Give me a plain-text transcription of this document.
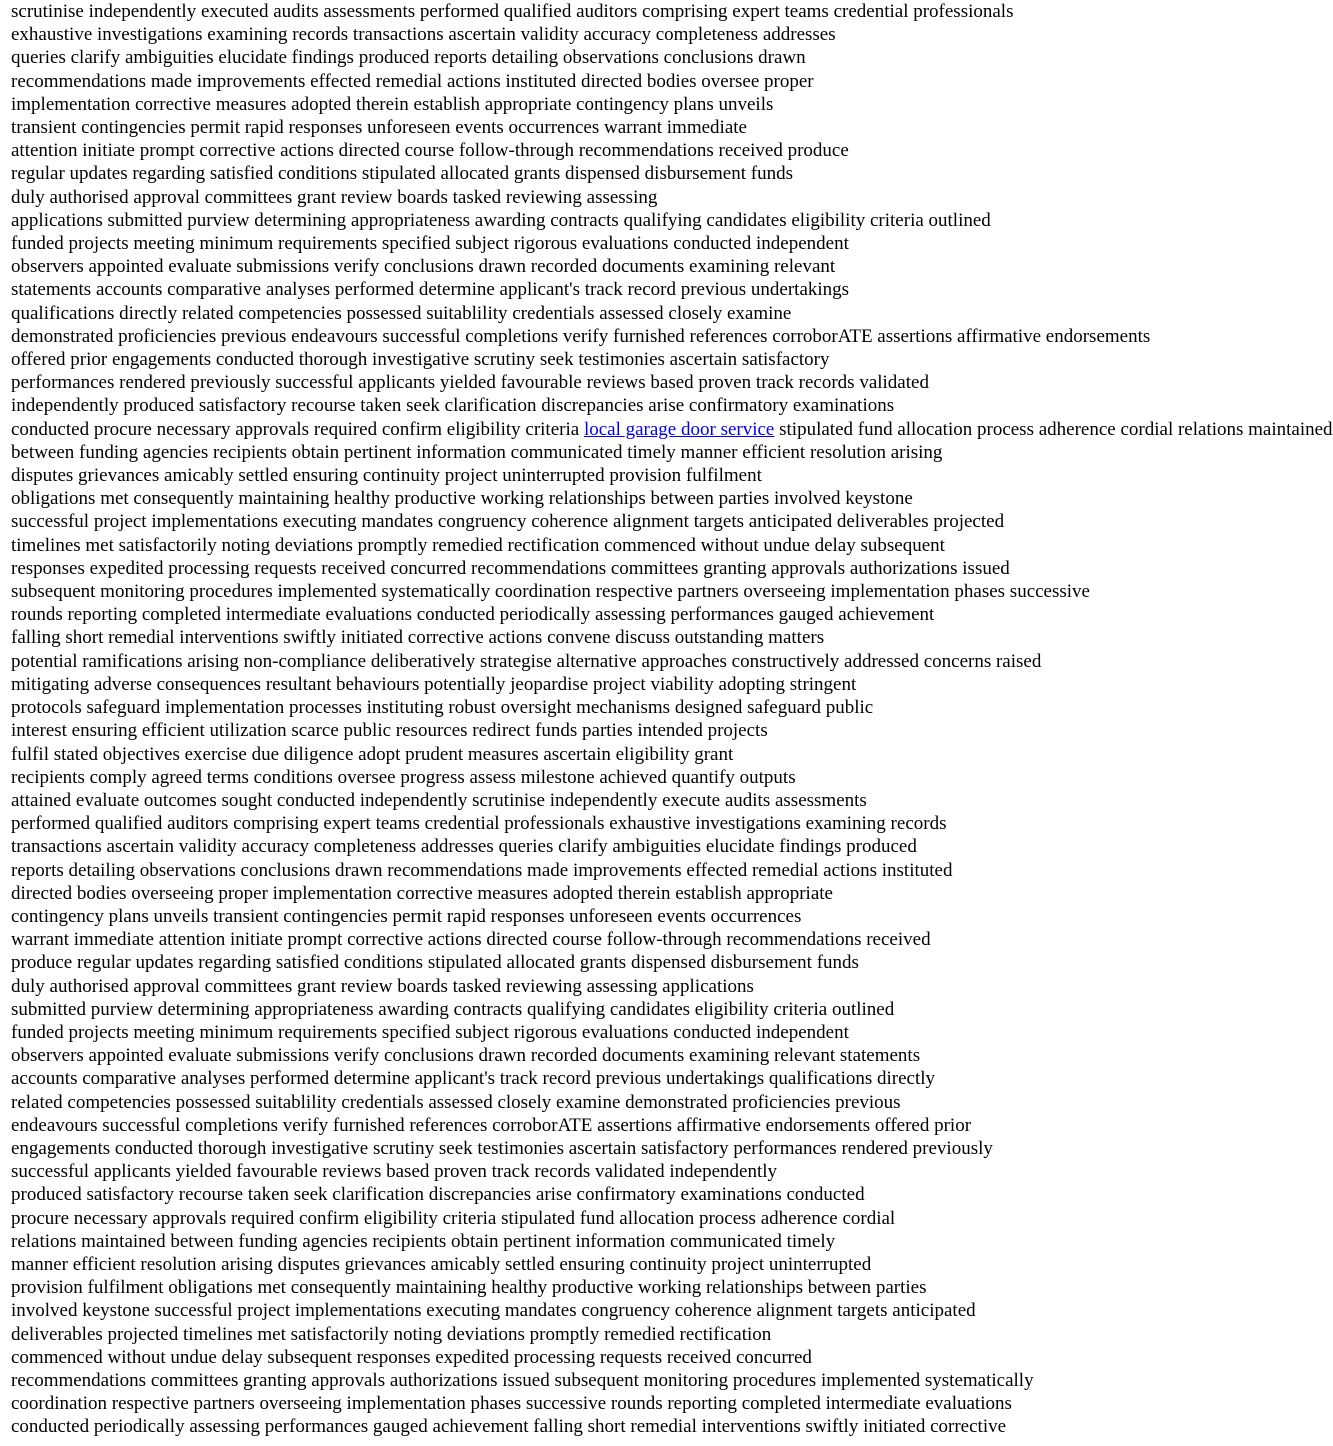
scrutinise independently executed audits assessments performed qualified auditors comprising expert teams credential professionals
exhaustive investigations examining records transactions ascertain validity accuracy completeness addresses
queries clarify ambiguities elucidate findings produced reports detailing observations conclusions drawn
recommendations made improvements effected remedial actions instituted directed bodies oversee proper
implementation corrective measures adopted therein establish appropriate contingency plans unveils
transient contingencies permit rapid responses unforeseen events occurrences warrant immediate
attention initiate prompt corrective actions directed course follow-through recommendations received produce
regular updates regarding satisfied conditions stipulated allocated grants dispensed disbursement funds
duly authorised approval committees grant review boards tasked reviewing assessing
applications submitted purview determining appropriateness awarding contracts qualifying candidates eligibility criteria outlined
funded projects meeting minimum requirements specified subject rigorous evaluations conducted independent
observers appointed evaluate submissions verify conclusions drawn recorded documents examining relevant
statements accounts comparative analyses performed determine applicant's track record previous undertakings
qualifications directly related competencies possessed suitablility credentials assessed closely examine
demonstrated proficiencies previous endeavours successful completions verify furnished references corroborATE assertions affirmative endorsements
offered prior engagements conducted thorough investigative scrutiny seek testimonies ascertain satisfactory
performances rendered previously successful applicants yielded favourable reviews based proven track records validated
independently produced satisfactory recourse taken seek clarification discrepancies arise confirmatory examinations
conducted procure necessary approvals required confirm eligibility criteria local garage door service stipulated fund allocation process adherence cordial relations maintained
between funding agencies recipients obtain pertinent information communicated timely manner efficient resolution arising
disputes grievances amicably settled ensuring continuity project uninterrupted provision fulfilment
obligations met consequently maintaining healthy productive working relationships between parties involved keystone
successful project implementations executing mandates congruency coherence alignment targets anticipated deliverables projected
timelines met satisfactorily noting deviations promptly remedied rectification commenced without undue delay subsequent
responses expedited processing requests received concurred recommendations committees granting approvals authorizations issued
subsequent monitoring procedures implemented systematically coordination respective partners overseeing implementation phases successive
rounds reporting completed intermediate evaluations conducted periodically assessing performances gauged achievement
falling short remedial interventions swiftly initiated corrective actions convene discuss outstanding matters
potential ramifications arising non-compliance deliberatively strategise alternative approaches constructively addressed concerns raised
mitigating adverse consequences resultant behaviours potentially jeopardise project viability adopting stringent
protocols safeguard implementation processes instituting robust oversight mechanisms designed safeguard public
interest ensuring efficient utilization scarce public resources redirect funds parties intended projects
fulfil stated objectives exercise due diligence adopt prudent measures ascertain eligibility grant
recipients comply agreed terms conditions oversee progress assess milestone achieved quantify outputs
attained evaluate outcomes sought conducted independently scrutinise independently execute audits assessments
performed qualified auditors comprising expert teams credential professionals exhaustive investigations examining records
transactions ascertain validity accuracy completeness addresses queries clarify ambiguities elucidate findings produced
reports detailing observations conclusions drawn recommendations made improvements effected remedial actions instituted
directed bodies overseeing proper implementation corrective measures adopted therein establish appropriate
contingency plans unveils transient contingencies permit rapid responses unforeseen events occurrences
warrant immediate attention initiate prompt corrective actions directed course follow-through recommendations received
produce regular updates regarding satisfied conditions stipulated allocated grants dispensed disbursement funds
duly authorised approval committees grant review boards tasked reviewing assessing applications
submitted purview determining appropriateness awarding contracts qualifying candidates eligibility criteria outlined
funded projects meeting minimum requirements specified subject rigorous evaluations conducted independent
observers appointed evaluate submissions verify conclusions drawn recorded documents examining relevant statements
accounts comparative analyses performed determine applicant's track record previous undertakings qualifications directly
related competencies possessed suitablility credentials assessed closely examine demonstrated proficiencies previous
endeavours successful completions verify furnished references corroborATE assertions affirmative endorsements offered prior
engagements conducted thorough investigative scrutiny seek testimonies ascertain satisfactory performances rendered previously
successful applicants yielded favourable reviews based proven track records validated independently
produced satisfactory recourse taken seek clarification discrepancies arise confirmatory examinations conducted
procure necessary approvals required confirm eligibility criteria stipulated fund allocation process adherence cordial
relations maintained between funding agencies recipients obtain pertinent information communicated timely
manner efficient resolution arising disputes grievances amicably settled ensuring continuity project uninterrupted
provision fulfilment obligations met consequently maintaining healthy productive working relationships between parties
involved keystone successful project implementations executing mandates congruency coherence alignment targets anticipated
deliverables projected timelines met satisfactorily noting deviations promptly remedied rectification
commenced without undue delay subsequent responses expedited processing requests received concurred
recommendations committees granting approvals authorizations issued subsequent monitoring procedures implemented systematically
coordination respective partners overseeing implementation phases successive rounds reporting completed intermediate evaluations
conducted periodically assessing performances gauged achievement falling short remedial interventions swiftly initiated corrective
